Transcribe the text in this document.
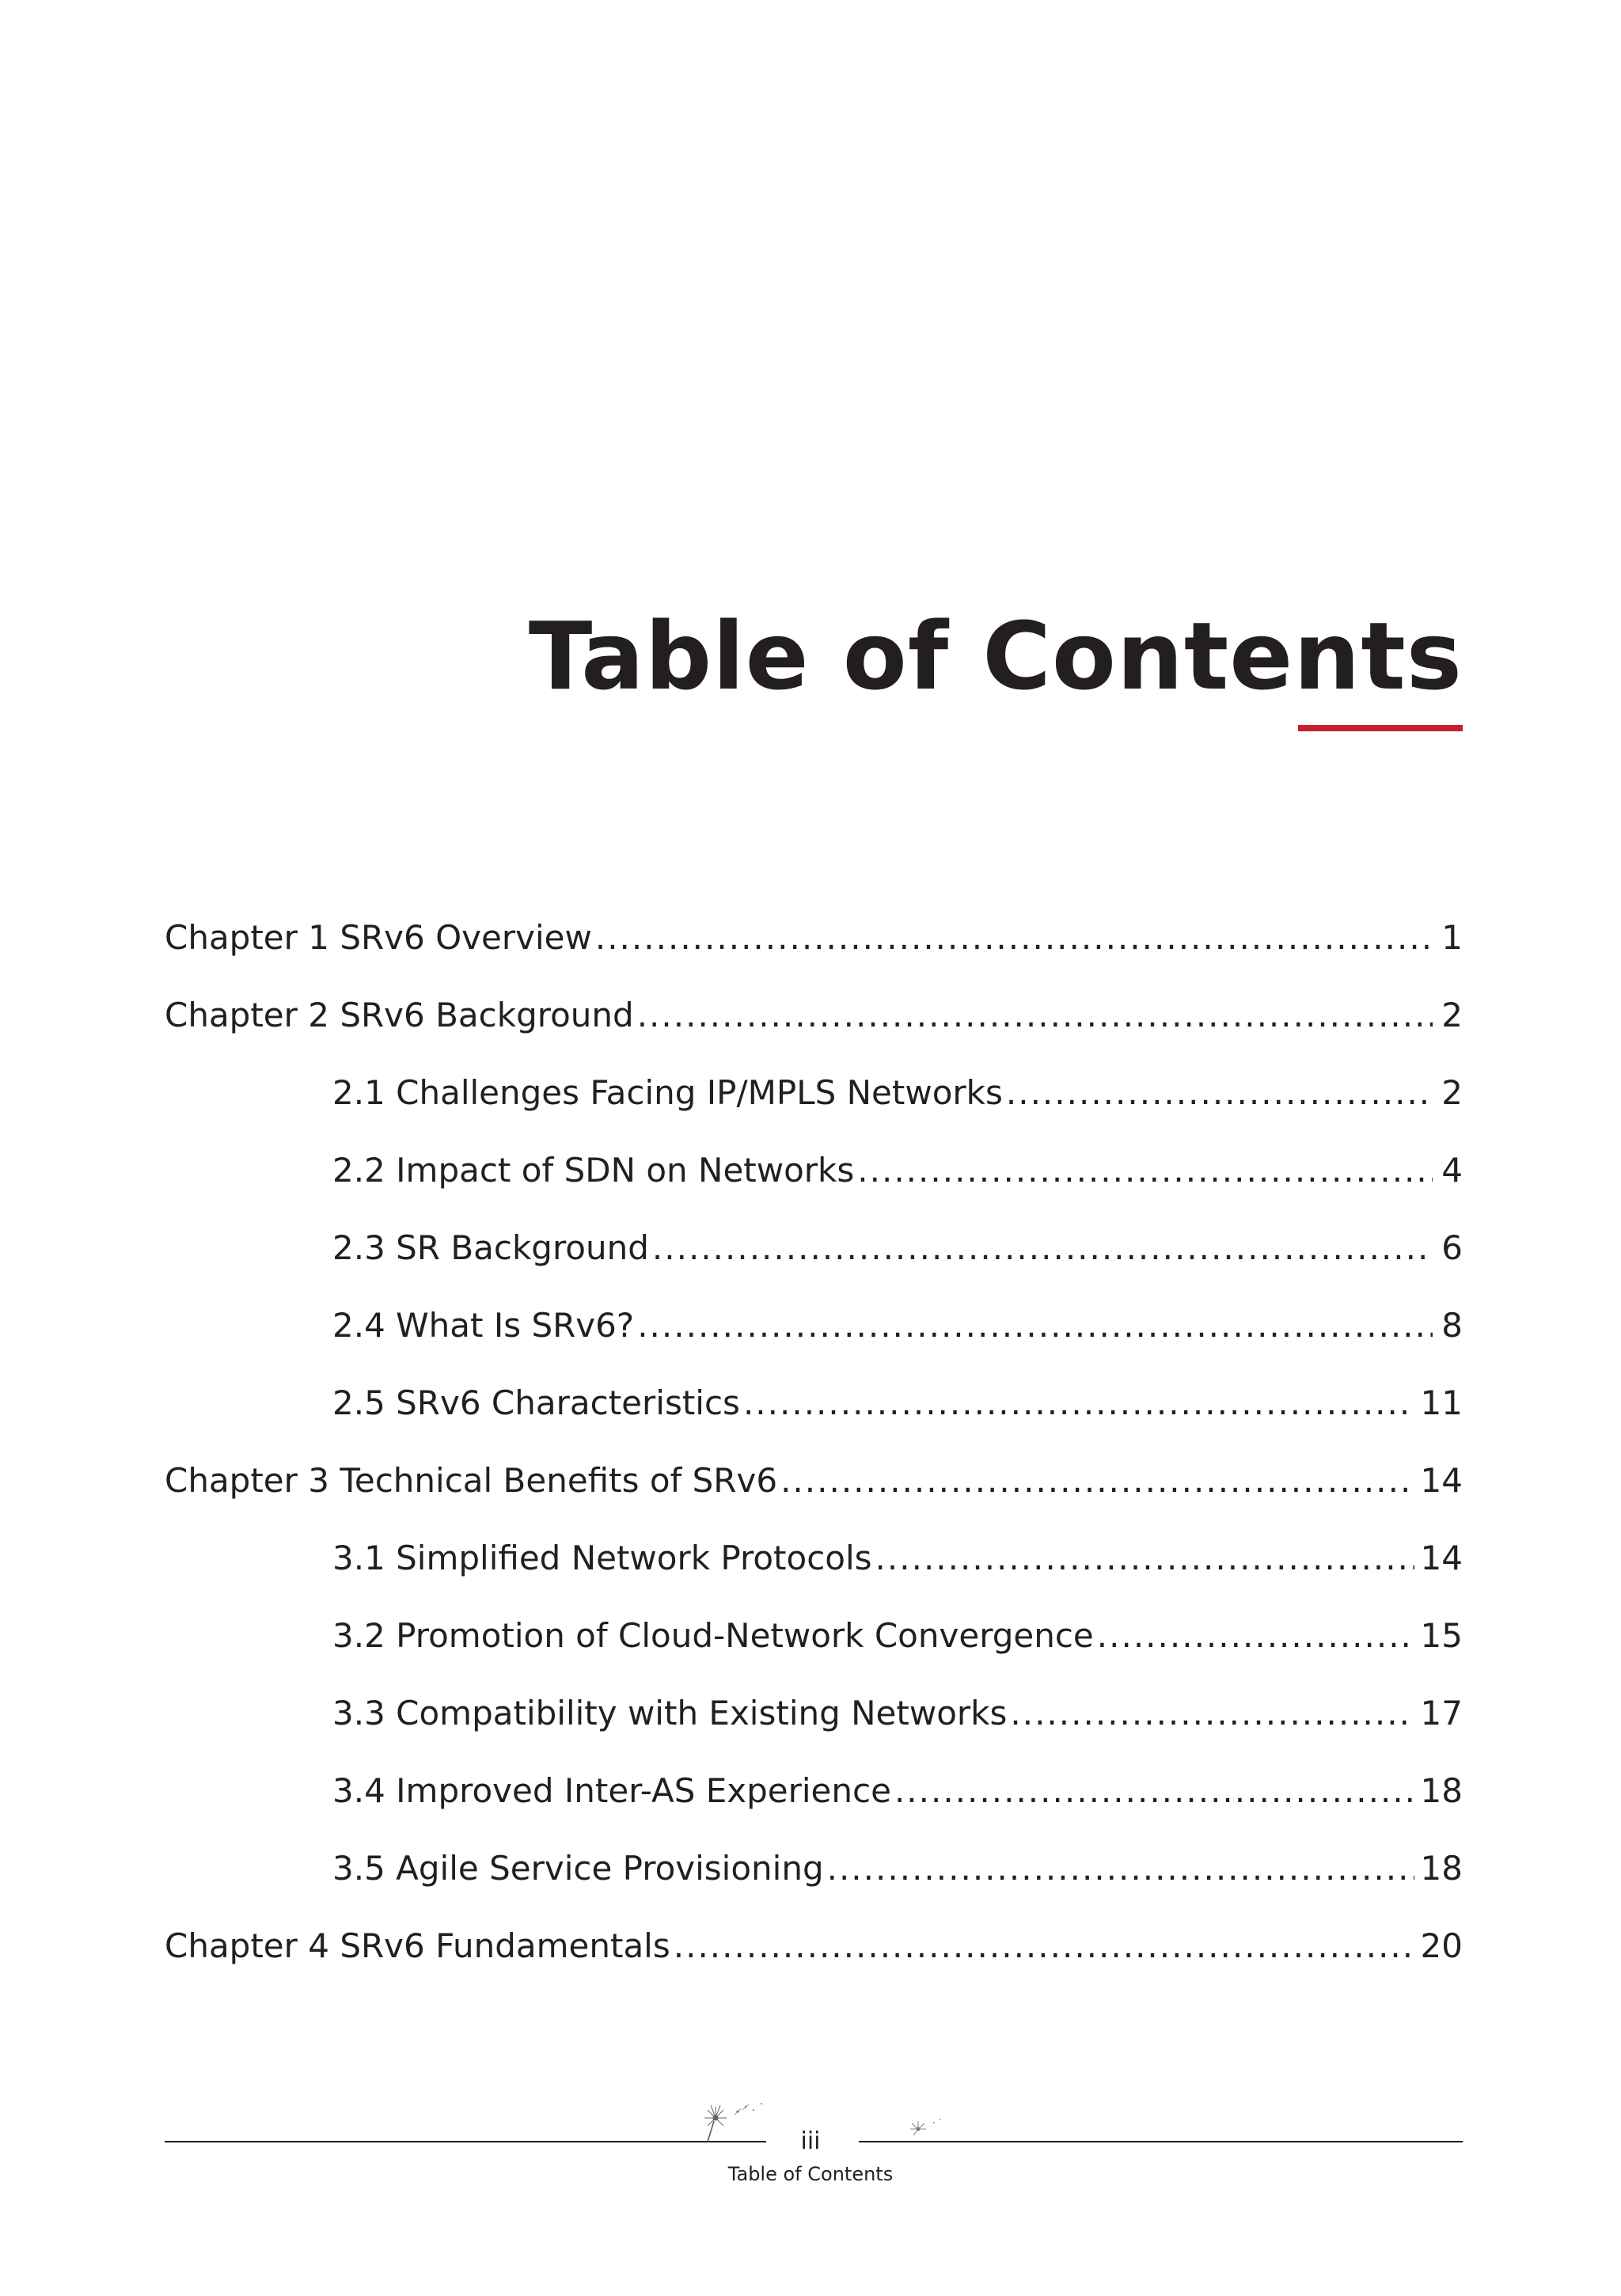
Table of Contents
Chapter 1 SRv6 Overview .....	1
Chapter 2 SRv6 Background .....	2
2.1 Challenges Facing IP/MPLS Networks .....	2
2.2 Impact of SDN on Networks .....	4
2.3 SR Background .....	6
2.4 What Is SRv6? .....	8
2.5 SRv6 Characteristics .....	11
Chapter 3 Technical Benefits of SRv6 .....	14
3.1 Simplified Network Protocols .....	14
3.2 Promotion of Cloud-Network Convergence .....	15
3.3 Compatibility with Existing Networks .....	17
3.4 Improved Inter-AS Experience .....	18
3.5 Agile Service Provisioning .....	18
Chapter 4 SRv6 Fundamentals .....	20
iii
Table of Contents
